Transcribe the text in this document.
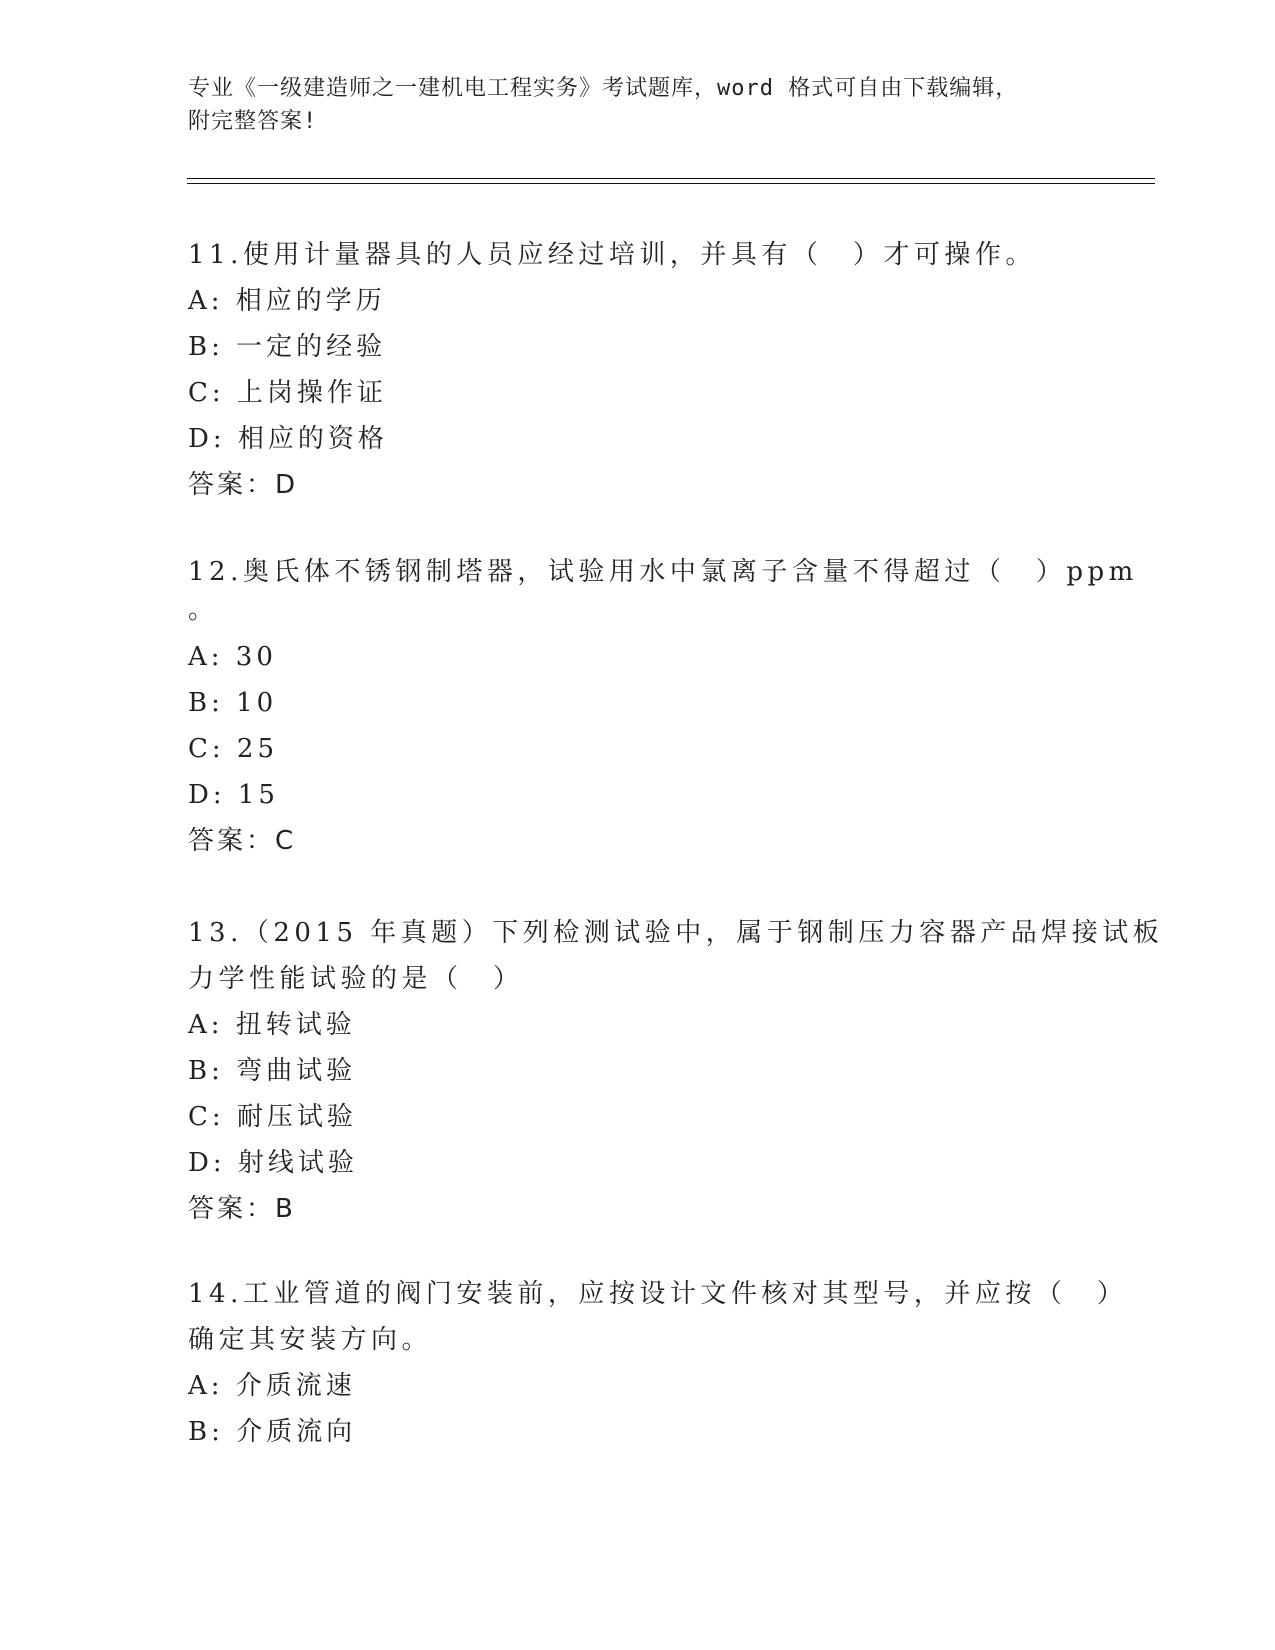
专业《一级建造师之一建机电工程实务》考试题库，word 格式可自由下载编辑，
附完整答案!
11.使用计量器具的人员应经过培训，并具有（　）才可操作。
A: 相应的学历
B: 一定的经验
C: 上岗操作证
D: 相应的资格
答案：D
12.奥氏体不锈钢制塔器，试验用水中氯离子含量不得超过（　）ppm
。
A: 30
B: 10
C: 25
D: 15
答案：C
13.（2015 年真题）下列检测试验中，属于钢制压力容器产品焊接试板
力学性能试验的是（　）
A: 扭转试验
B: 弯曲试验
C: 耐压试验
D: 射线试验
答案：B
14.工业管道的阀门安装前，应按设计文件核对其型号，并应按（　）
确定其安装方向。
A: 介质流速
B: 介质流向
